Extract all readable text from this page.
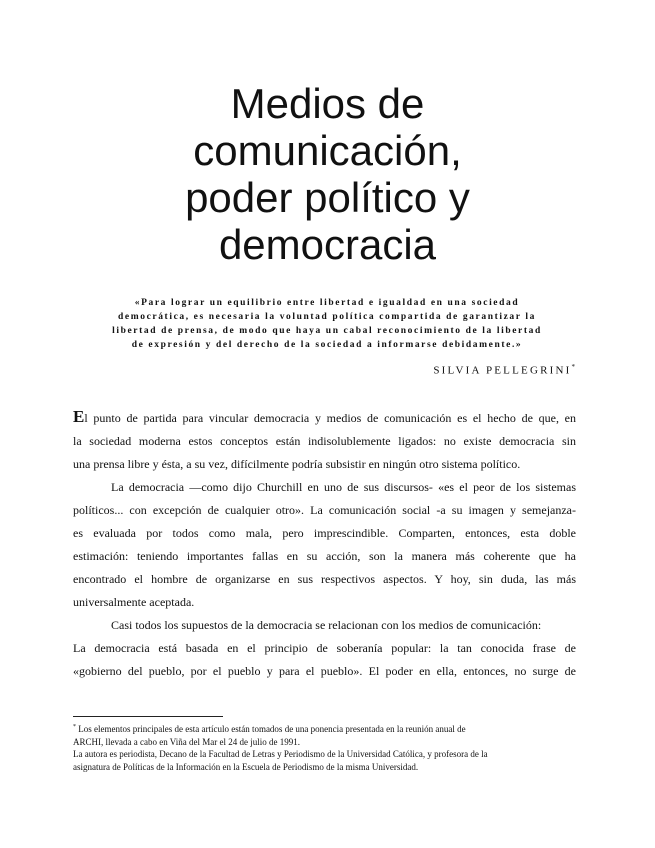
Medios de
comunicación,
poder político y
democracia
«Para lograr un equilibrio entre libertad e igualdad en una sociedad
democrática, es necesaria la voluntad política compartida de garantizar la
libertad de prensa, de modo que haya un cabal reconocimiento de la libertad
de expresión y del derecho de la sociedad a informarse debidamente.»
SILVIA PELLEGRINI*
El punto de partida para vincular democracia y medios de comunicación es el hecho de que, en
la sociedad moderna estos conceptos están indisolublemente ligados: no existe democracia sin
una prensa libre y ésta, a su vez, difícilmente podría subsistir en ningún otro sistema político.
La democracia —como dijo Churchill en uno de sus discursos- «es el peor de los sistemas
políticos... con excepción de cualquier otro». La comunicación social -a su imagen y semejanza-
es evaluada por todos como mala, pero imprescindible. Comparten, entonces, esta doble
estimación: teniendo importantes fallas en su acción, son la manera más coherente que ha
encontrado el hombre de organizarse en sus respectivos aspectos. Y hoy, sin duda, las más
universalmente aceptada.
Casi todos los supuestos de la democracia se relacionan con los medios de comunicación:
La democracia está basada en el principio de soberanía popular: la tan conocida frase de
«gobierno del pueblo, por el pueblo y para el pueblo». El poder en ella, entonces, no surge de
* Los elementos principales de esta artículo están tomados de una ponencia presentada en la reunión anual de
ARCHI, llevada a cabo en Viña del Mar el 24 de julio de 1991.
La autora es periodista, Decano de la Facultad de Letras y Periodismo de la Universidad Católica, y profesora de la
asignatura de Políticas de la Información en la Escuela de Periodismo de la misma Universidad.
